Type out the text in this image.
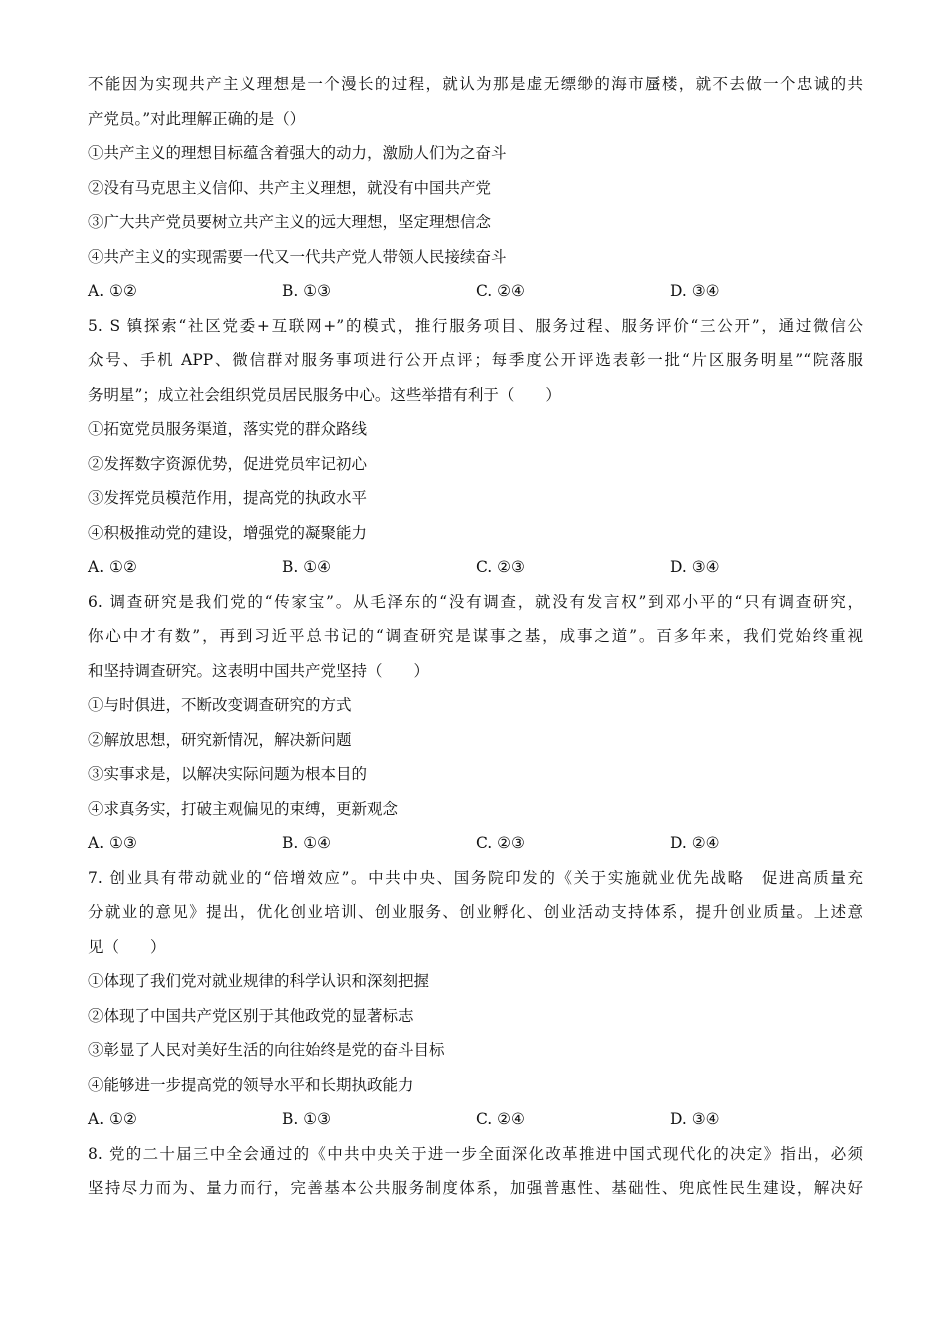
不能因为实现共产主义理想是一个漫长的过程，就认为那是虚无缥缈的海市蜃楼，就不去做一个忠诚的共
产党员。”对此理解正确的是（）
①共产主义的理想目标蕴含着强大的动力，激励人们为之奋斗
②没有马克思主义信仰、共产主义理想，就没有中国共产党
③广大共产党员要树立共产主义的远大理想，坚定理想信念
④共产主义的实现需要一代又一代共产党人带领人民接续奋斗
A. ①②	B. ①③	C. ②④	D. ③④
5. S 镇探索“社区党委+互联网+”的模式，推行服务项目、服务过程、服务评价“三公开”，通过微信公
众号、手机 APP、微信群对服务事项进行公开点评；每季度公开评选表彰一批“片区服务明星”“院落服
务明星”；成立社会组织党员居民服务中心。这些举措有利于（　　）
①拓宽党员服务渠道，落实党的群众路线
②发挥数字资源优势，促进党员牢记初心
③发挥党员模范作用，提高党的执政水平
④积极推动党的建设，增强党的凝聚能力
A. ①②	B. ①④	C. ②③	D. ③④
6. 调查研究是我们党的“传家宝”。从毛泽东的“没有调查，就没有发言权”到邓小平的“只有调查研究，
你心中才有数”，再到习近平总书记的“调查研究是谋事之基，成事之道”。百多年来，我们党始终重视
和坚持调查研究。这表明中国共产党坚持（　　）
①与时俱进，不断改变调查研究的方式
②解放思想，研究新情况，解决新问题
③实事求是，以解决实际问题为根本目的
④求真务实，打破主观偏见的束缚，更新观念
A. ①③	B. ①④	C. ②③	D. ②④
7. 创业具有带动就业的“倍增效应”。中共中央、国务院印发的《关于实施就业优先战略　促进高质量充
分就业的意见》提出，优化创业培训、创业服务、创业孵化、创业活动支持体系，提升创业质量。上述意
见（　　）
①体现了我们党对就业规律的科学认识和深刻把握
②体现了中国共产党区别于其他政党的显著标志
③彰显了人民对美好生活的向往始终是党的奋斗目标
④能够进一步提高党的领导水平和长期执政能力
A. ①②	B. ①③	C. ②④	D. ③④
8. 党的二十届三中全会通过的《中共中央关于进一步全面深化改革推进中国式现代化的决定》指出，必须
坚持尽力而为、量力而行，完善基本公共服务制度体系，加强普惠性、基础性、兜底性民生建设，解决好
